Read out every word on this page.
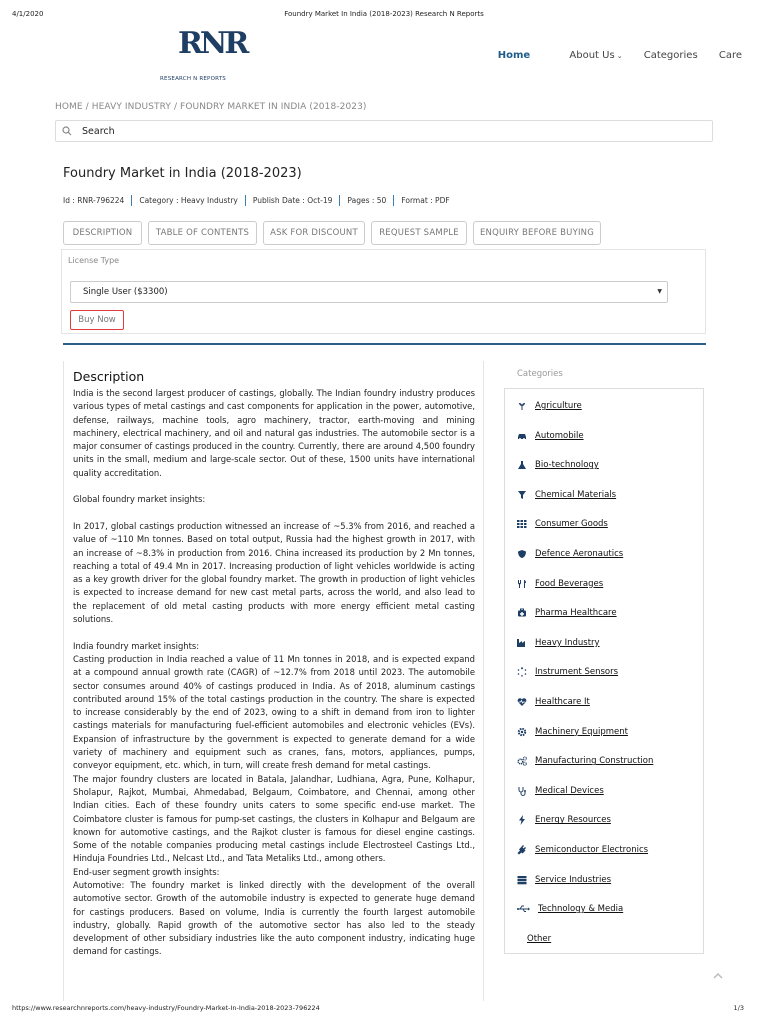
4/1/2020	Foundry Market In India (2018-2023) Research N Reports
RNR
RESEARCH N REPORTS
Home	About Us ⌄ Categories Care
HOME / HEAVY INDUSTRY / FOUNDRY MARKET IN INDIA (2018-2023)
Search
Foundry Market in India (2018-2023)
Id : RNR-796224 Category : Heavy Industry Publish Date : Oct-19 Pages : 50 Format : PDF
DESCRIPTION	TABLE OF CONTENTS	ASK FOR DISCOUNT	REQUEST SAMPLE	ENQUIRY BEFORE BUYING
License Type
Single User ($3300)	▼
Buy Now
Description

India is the second largest producer of castings, globally. The Indian foundry industry produces various types of metal castings and cast components for application in the power, automotive, defense, railways, machine tools, agro machinery, tractor, earth-moving and mining machinery, electrical machinery, and oil and natural gas industries. The automobile sector is a major consumer of castings produced in the country. Currently, there are around 4,500 foundry units in the small, medium and large-scale sector. Out of these, 1500 units have international quality accreditation.

Global foundry market insights:

In 2017, global castings production witnessed an increase of ~5.3% from 2016, and reached a value of ~110 Mn tonnes. Based on total output, Russia had the highest growth in 2017, with an increase of ~8.3% in production from 2016. China increased its production by 2 Mn tonnes, reaching a total of 49.4 Mn in 2017. Increasing production of light vehicles worldwide is acting as a key growth driver for the global foundry market. The growth in production of light vehicles is expected to increase demand for new cast metal parts, across the world, and also lead to the replacement of old metal casting products with more energy efficient metal casting solutions.

India foundry market insights:

Casting production in India reached a value of 11 Mn tonnes in 2018, and is expected expand at a compound annual growth rate (CAGR) of ~12.7% from 2018 until 2023. The automobile sector consumes around 40% of castings produced in India. As of 2018, aluminum castings contributed around 15% of the total castings production in the country. The share is expected to increase considerably by the end of 2023, owing to a shift in demand from iron to lighter castings materials for manufacturing fuel-efficient automobiles and electronic vehicles (EVs). Expansion of infrastructure by the government is expected to generate demand for a wide variety of machinery and equipment such as cranes, fans, motors, appliances, pumps, conveyor equipment, etc. which, in turn, will create fresh demand for metal castings.

The major foundry clusters are located in Batala, Jalandhar, Ludhiana, Agra, Pune, Kolhapur, Sholapur, Rajkot, Mumbai, Ahmedabad, Belgaum, Coimbatore, and Chennai, among other Indian cities. Each of these foundry units caters to some specific end-use market. The Coimbatore cluster is famous for pump-set castings, the clusters in Kolhapur and Belgaum are known for automotive castings, and the Rajkot cluster is famous for diesel engine castings. Some of the notable companies producing metal castings include Electrosteel Castings Ltd., Hinduja Foundries Ltd., Nelcast Ltd., and Tata Metaliks Ltd., among others.

End-user segment growth insights:

Automotive: The foundry market is linked directly with the development of the overall automotive sector. Growth of the automobile industry is expected to generate huge demand for castings producers. Based on volume, India is currently the fourth largest automobile industry, globally. Rapid growth of the automotive sector has also led to the steady development of other subsidiary industries like the auto component industry, indicating huge demand for castings.

Categories
Agriculture
Automobile
Bio-technology
Chemical Materials
Consumer Goods
Defence Aeronautics
Food Beverages
Pharma Healthcare
Heavy Industry
Instrument Sensors
Healthcare It
Machinery Equipment
Manufacturing Construction
Medical Devices
Energy Resources
Semiconductor Electronics
Service Industries
Technology & Media
Other
https://www.researchnreports.com/heavy-industry/Foundry-Market-In-India-2018-2023-796224	1/3
